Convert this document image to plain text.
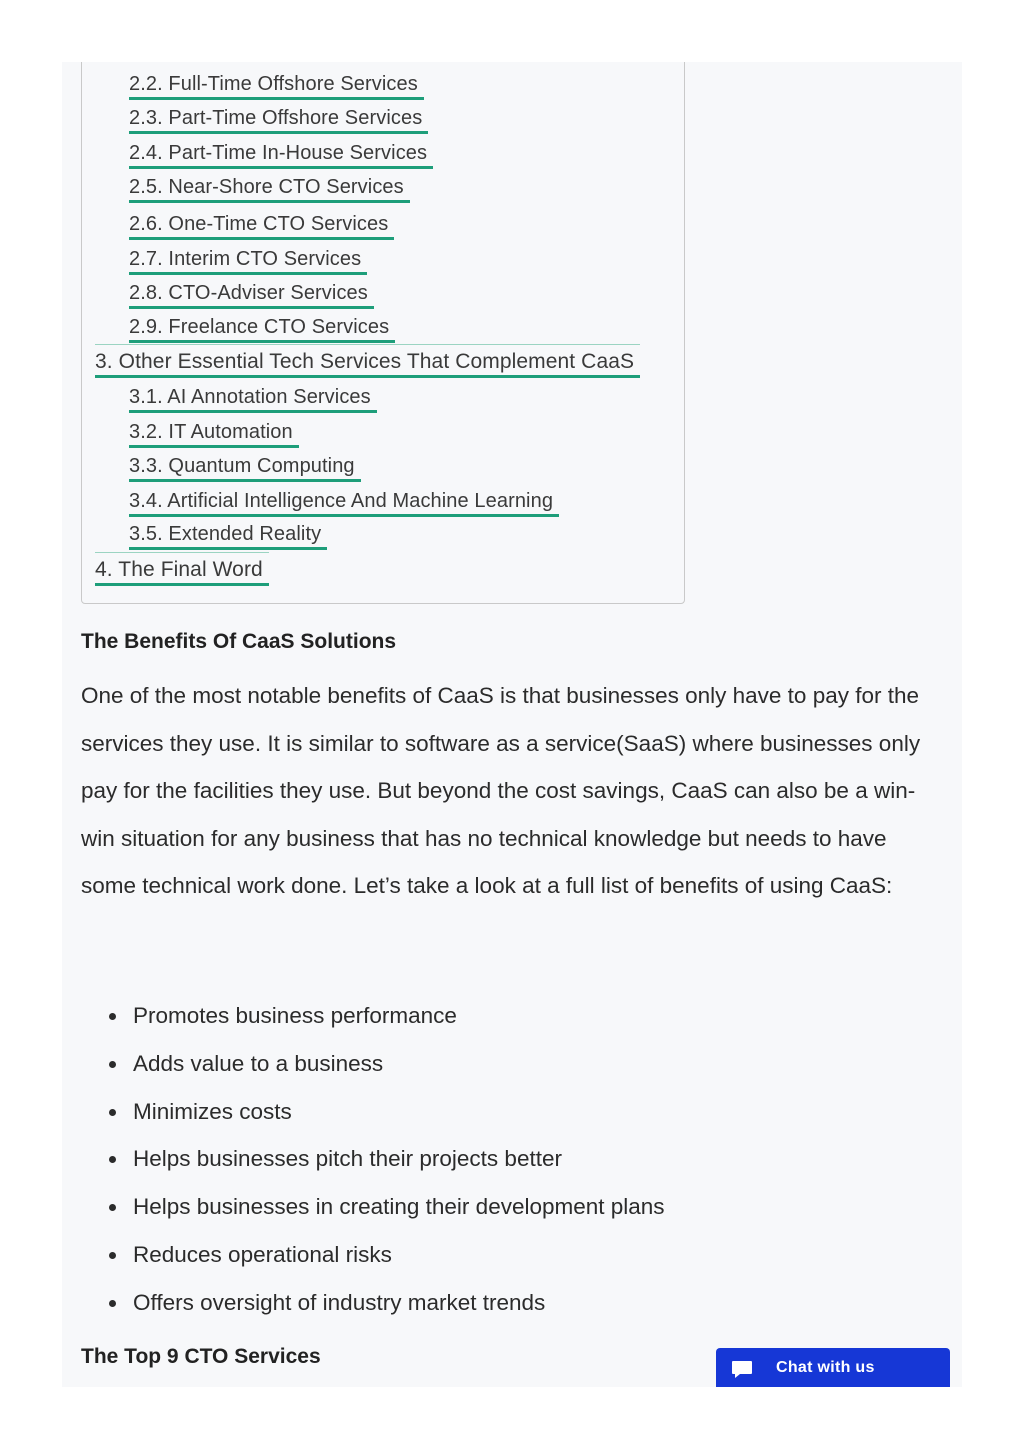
2.2. Full-Time Offshore Services
2.3. Part-Time Offshore Services
2.4. Part-Time In-House Services
2.5. Near-Shore CTO Services
2.6. One-Time CTO Services
2.7. Interim CTO Services
2.8. CTO-Adviser Services
2.9. Freelance CTO Services
3. Other Essential Tech Services That Complement CaaS
3.1. AI Annotation Services
3.2. IT Automation
3.3. Quantum Computing
3.4. Artificial Intelligence And Machine Learning
3.5. Extended Reality
4. The Final Word
The Benefits Of CaaS Solutions

One of the most notable benefits of CaaS is that businesses only have to pay for the services they use. It is similar to software as a service(SaaS) where businesses only pay for the facilities they use. But beyond the cost savings, CaaS can also be a win-win situation for any business that has no technical knowledge but needs to have some technical work done. Let’s take a look at a full list of benefits of using CaaS:

Promotes business performance
Adds value to a business
Minimizes costs
Helps businesses pitch their projects better
Helps businesses in creating their development plans
Reduces operational risks
Offers oversight of industry market trends
The Top 9 CTO Services	Chat with us
